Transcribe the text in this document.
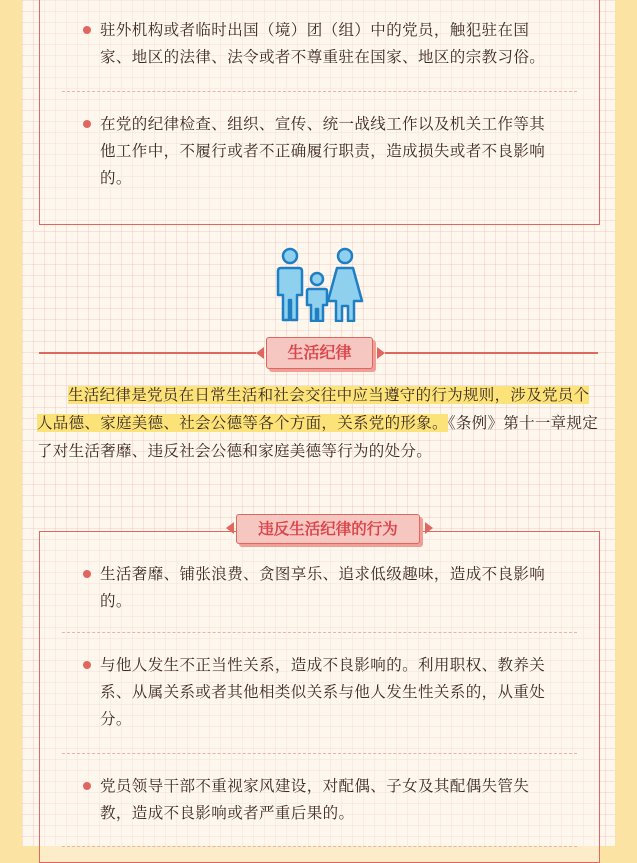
驻外机构或者临时出国（境）团（组）中的党员，触犯驻在国家、地区的法律、法令或者不尊重驻在国家、地区的宗教习俗。
在党的纪律检查、组织、宣传、统一战线工作以及机关工作等其他工作中，不履行或者不正确履行职责，造成损失或者不良影响的。
生活纪律
生活纪律是党员在日常生活和社会交往中应当遵守的行为规则，涉及党员个人品德、家庭美德、社会公德等各个方面，关系党的形象。《条例》第十一章规定了对生活奢靡、违反社会公德和家庭美德等行为的处分。
生活奢靡、铺张浪费、贪图享乐、追求低级趣味，造成不良影响的。
与他人发生不正当性关系，造成不良影响的。利用职权、教养关系、从属关系或者其他相类似关系与他人发生性关系的，从重处分。
党员领导干部不重视家风建设，对配偶、子女及其配偶失管失教，造成不良影响或者严重后果的。
违反生活纪律的行为
